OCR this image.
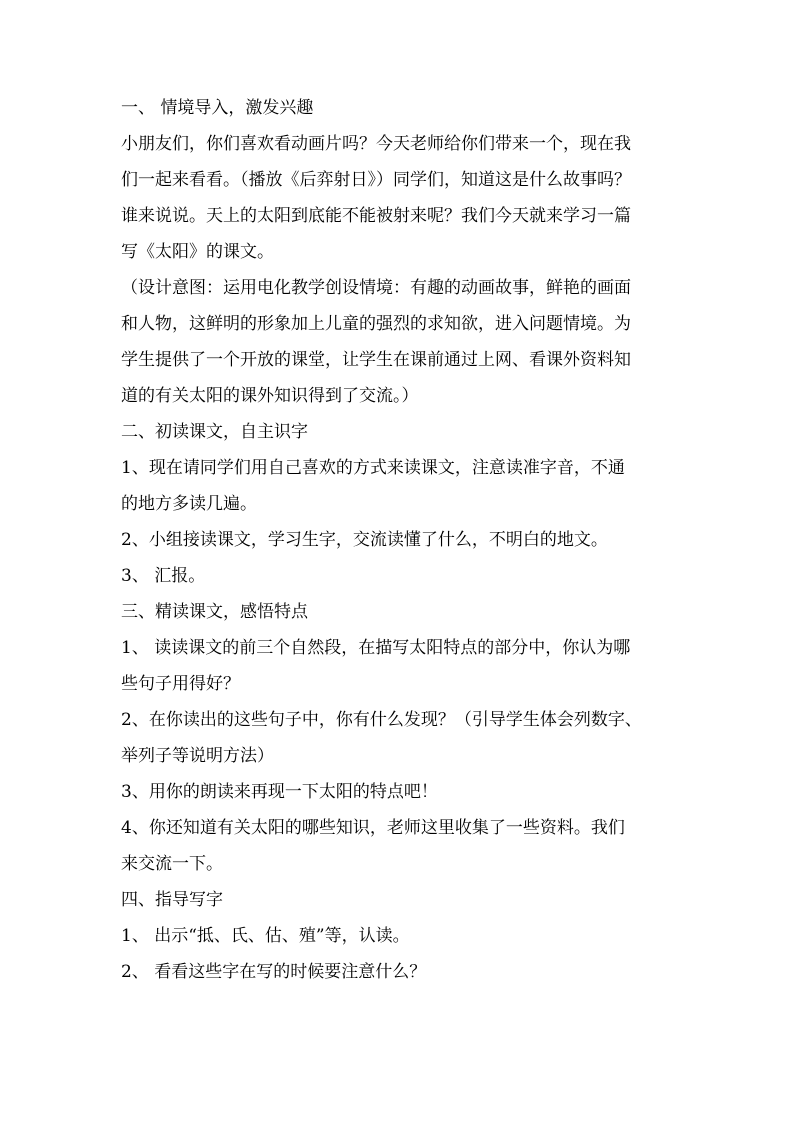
一、 情境导入，激发兴趣
小朋友们，你们喜欢看动画片吗？今天老师给你们带来一个，现在我
们一起来看看。（播放《后弈射日》）同学们，知道这是什么故事吗？
谁来说说。天上的太阳到底能不能被射来呢？我们今天就来学习一篇
写《太阳》的课文。
（设计意图：运用电化教学创设情境：有趣的动画故事，鲜艳的画面
和人物，这鲜明的形象加上儿童的强烈的求知欲，进入问题情境。为
学生提供了一个开放的课堂，让学生在课前通过上网、看课外资料知
道的有关太阳的课外知识得到了交流。）
二、初读课文，自主识字
1、现在请同学们用自己喜欢的方式来读课文，注意读准字音，不通
的地方多读几遍。
2、小组接读课文，学习生字，交流读懂了什么，不明白的地文。
3、 汇报。
三、精读课文，感悟特点
1、 读读课文的前三个自然段，在描写太阳特点的部分中，你认为哪
些句子用得好？
2、在你读出的这些句子中，你有什么发现？（引导学生体会列数字、
举列子等说明方法）
3、用你的朗读来再现一下太阳的特点吧！
4、你还知道有关太阳的哪些知识，老师这里收集了一些资料。我们
来交流一下。
四、指导写字
1、 出示“抵、氏、估、殖”等，认读。
2、 看看这些字在写的时候要注意什么？
